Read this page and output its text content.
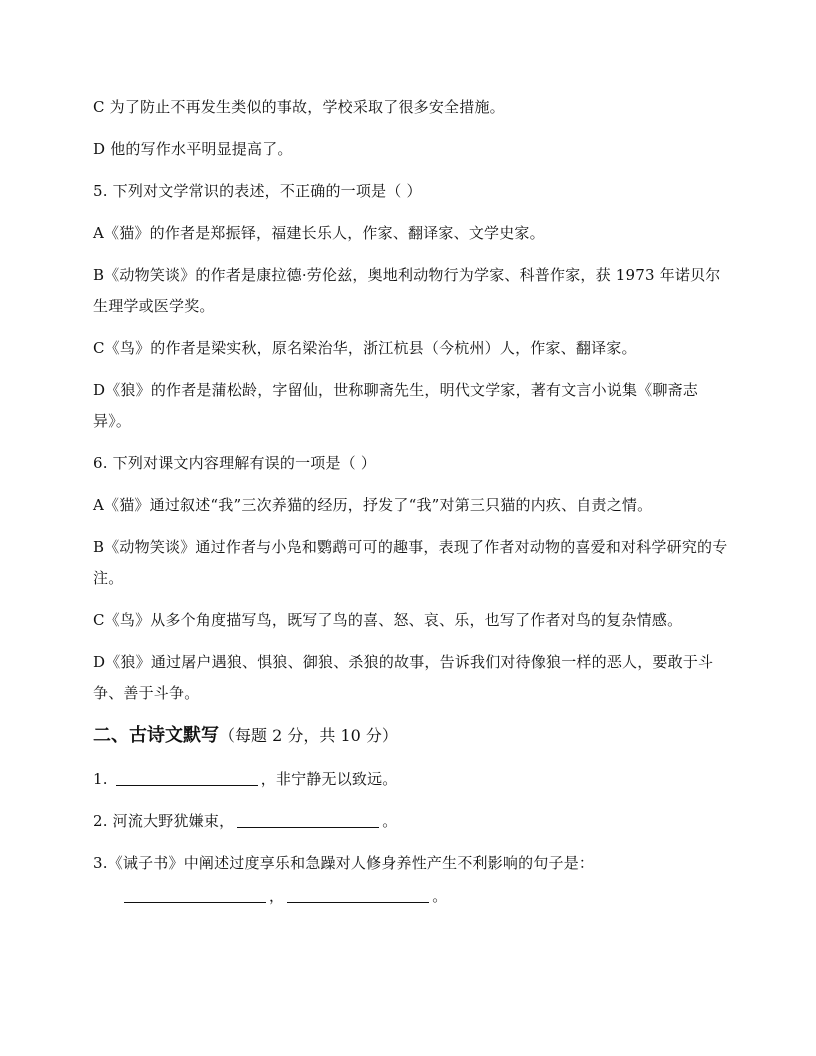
C 为了防止不再发生类似的事故，学校采取了很多安全措施。

D 他的写作水平明显提高了。

5. 下列对文学常识的表述，不正确的一项是（ ）

A《猫》的作者是郑振铎，福建长乐人，作家、翻译家、文学史家。

B《动物笑谈》的作者是康拉德·劳伦兹，奥地利动物行为学家、科普作家，获 1973 年诺贝尔生理学或医学奖。

C《鸟》的作者是梁实秋，原名梁治华，浙江杭县（今杭州）人，作家、翻译家。

D《狼》的作者是蒲松龄，字留仙，世称聊斋先生，明代文学家，著有文言小说集《聊斋志异》。

6. 下列对课文内容理解有误的一项是（ ）

A《猫》通过叙述“我”三次养猫的经历，抒发了“我”对第三只猫的内疚、自责之情。

B《动物笑谈》通过作者与小凫和鹦鹉可可的趣事，表现了作者对动物的喜爱和对科学研究的专注。

C《鸟》从多个角度描写鸟，既写了鸟的喜、怒、哀、乐，也写了作者对鸟的复杂情感。

D《狼》通过屠户遇狼、惧狼、御狼、杀狼的故事，告诉我们对待像狼一样的恶人，要敢于斗争、善于斗争。

二、古诗文默写（每题 2 分，共 10 分）

1.	，非宁静无以致远。

2. 河流大野犹嫌束，	。

3.《诫子书》中阐述过度享乐和急躁对人修身养性产生不利影响的句子是：

，	。
